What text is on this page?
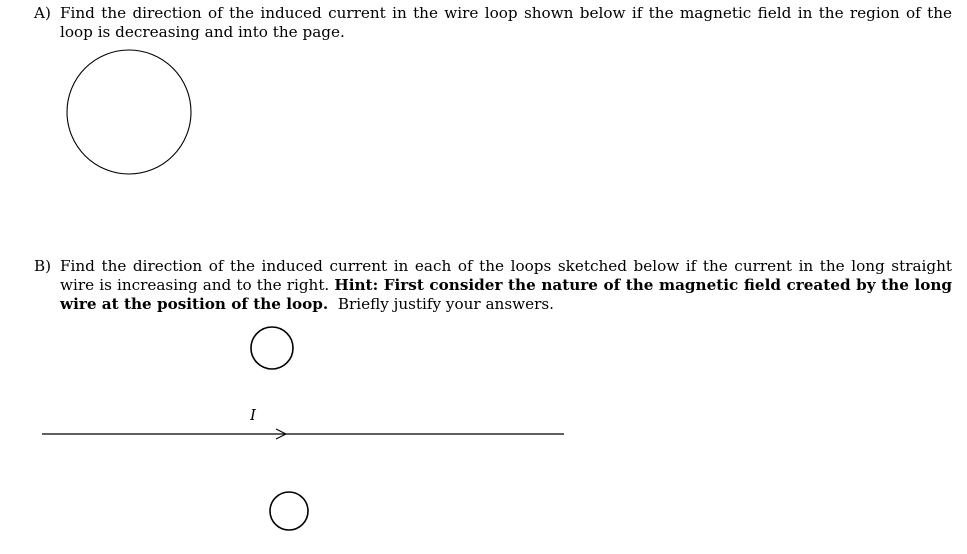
A) Find the direction of the induced current in the wire loop shown below if the magnetic field in the region of the loop is decreasing and into the page.
B) Find the direction of the induced current in each of the loops sketched below if the current in the long straight wire is increasing and to the right. Hint: First consider the nature of the magnetic field created by the long wire at the position of the loop. Briefly justify your answers.
I
